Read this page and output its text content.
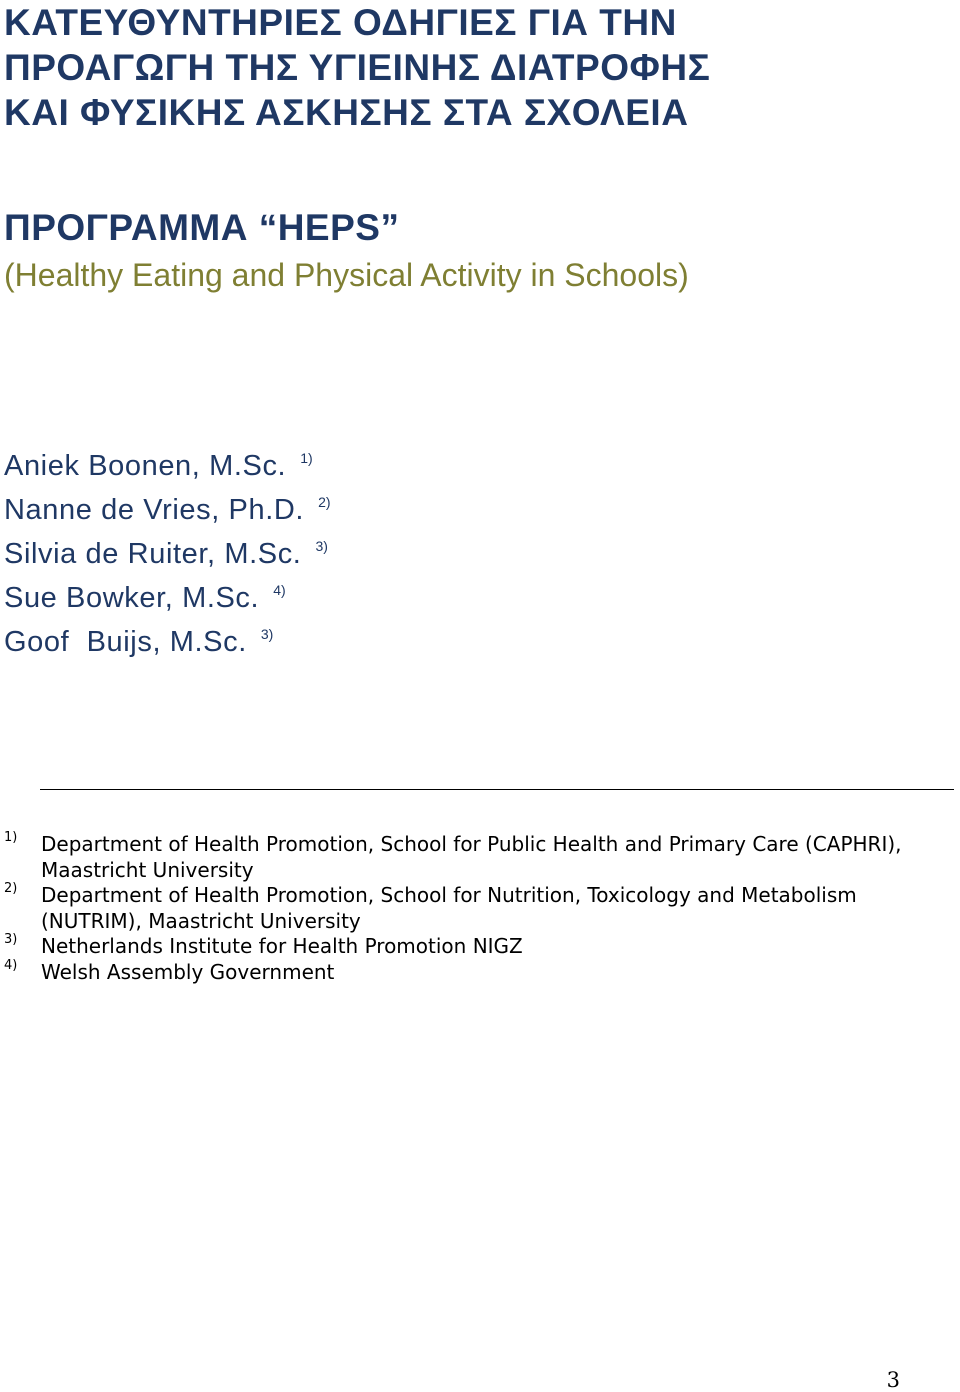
ΚΑΤΕΥΘΥΝΤΗΡΙΕΣ ΟΔΗΓΙΕΣ ΓΙΑ ΤΗΝ
ΠΡΟΑΓΩΓΗ ΤΗΣ ΥΓΙΕΙΝΗΣ ΔΙΑΤΡΟΦΗΣ
ΚΑΙ ΦΥΣΙΚΗΣ ΑΣΚΗΣΗΣ ΣΤΑ ΣΧΟΛΕΙΑ
ΠΡΟΓΡΑΜΜΑ “HEPS”
(Healthy Eating and Physical Activity in Schools)
Aniek Boonen, M.Sc. $^{1)}$
Nanne de Vries, Ph.D. $^{2)}$
Silvia de Ruiter, M.Sc. $^{3)}$
Sue Bowker, M.Sc. $^{4)}$
Goof  Buijs, M.Sc. $^{3)}$
1) Department of Health Promotion, School for Public Health and Primary Care (CAPHRI), Maastricht University
2) Department of Health Promotion, School for Nutrition, Toxicology and Metabolism (NUTRIM), Maastricht University
3) Netherlands Institute for Health Promotion NIGZ
4) Welsh Assembly Government
3
